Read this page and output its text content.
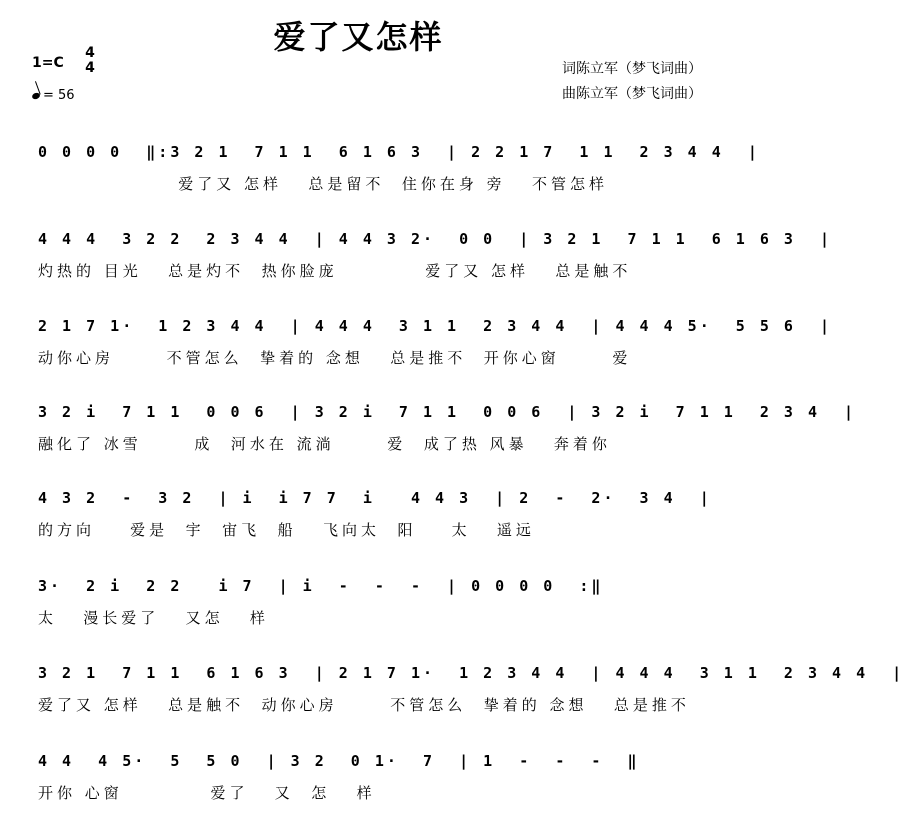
爱了又怎样
1=C
4
4
= 56
词陈立军（梦飞词曲）
曲陈立军（梦飞词曲）
0 0 0 0  ‖:3 2 1  7 1 1  6 1 6 3  | 2 2 1 7  1 1  2 3 4 4  |
爱了又 怎样   总是留不  住你在身 旁   不管怎样
4 4 4  3 2 2  2 3 4 4  | 4 4 3 2·  0 0  | 3 2 1  7 1 1  6 1 6 3  |
灼热的 目光   总是灼不  热你脸庞          爱了又 怎样   总是触不
2 1 7 1·  1 2 3 4 4  | 4 4 4  3 1 1  2 3 4 4  | 4 4 4 5·  5 5 6  |
动你心房      不管怎么  挚着的 念想   总是推不  开你心窗      爱
3 2 i  7 1 1  0 0 6  | 3 2 i  7 1 1  0 0 6  | 3 2 i  7 1 1  2 3 4  |
融化了 冰雪      成  河水在 流淌      爱  成了热 风暴   奔着你
4 3 2  -  3 2  | i  i 7 7  i   4 4 3  | 2  -  2·  3 4  |
的方向    爱是  宇  宙飞  船   飞向太  阳    太   遥远
3·  2 i  2 2   i 7  | i  -  -  -  | 0 0 0 0  :‖
太   漫长爱了   又怎   样
3 2 1  7 1 1  6 1 6 3  | 2 1 7 1·  1 2 3 4 4  | 4 4 4  3 1 1  2 3 4 4  |
爱了又 怎样   总是触不  动你心房      不管怎么  挚着的 念想   总是推不
4 4  4 5·  5  5 0  | 3 2  0 1·  7  | 1  -  -  -  ‖
开你 心窗          爱了   又  怎   样
